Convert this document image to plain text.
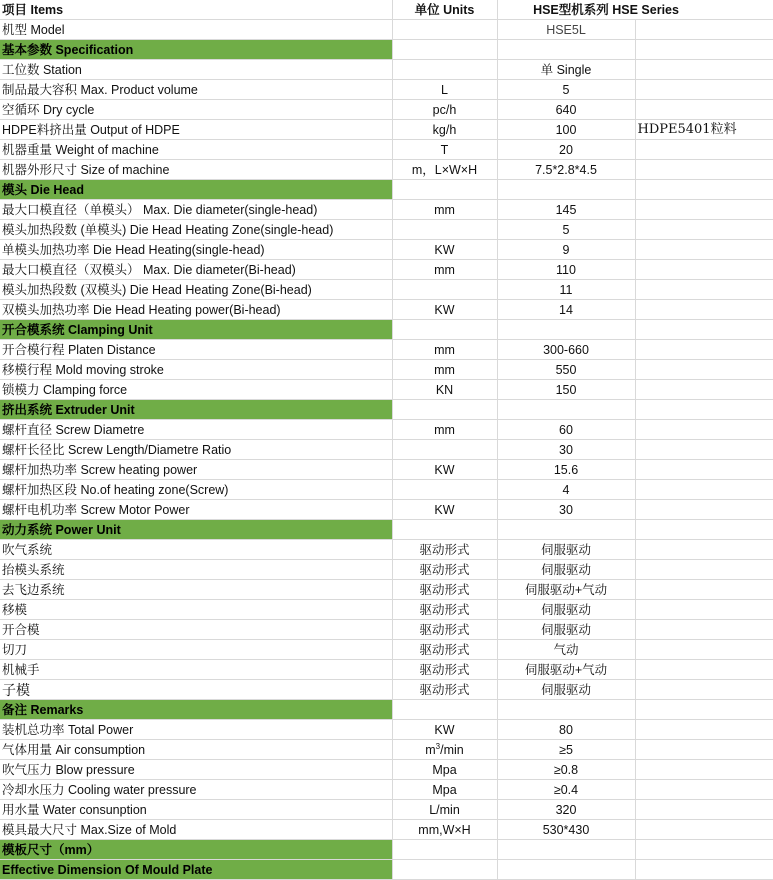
项目 Items	单位 Units	HSE型机系列 HSE Series	
机型 Model		HSE5L	
基本参数 Specification			
工位数 Station		单 Single	
制品最大容积 Max. Product volume	L	5	
空循环 Dry cycle	pc/h	640	
HDPE料挤出量 Output of HDPE	kg/h	100	HDPE5401粒料
机器重量 Weight of machine	T	20	
机器外形尺寸 Size of machine	m，L×W×H	7.5*2.8*4.5	
模头 Die Head			
最大口模直径（单模头） Max. Die diameter(single-head)	mm	145	
模头加热段数 (单模头) Die Head Heating Zone(single-head)		5	
单模头加热功率 Die Head Heating(single-head)	KW	9	
最大口模直径（双模头） Max. Die diameter(Bi-head)	mm	110	
模头加热段数 (双模头) Die Head Heating Zone(Bi-head)		11	
双模头加热功率 Die Head Heating power(Bi-head)	KW	14	
开合模系统 Clamping Unit			
开合模行程 Platen Distance	mm	300-660	
移模行程 Mold moving stroke	mm	550	
锁模力 Clamping force	KN	150	
挤出系统 Extruder Unit			
螺杆直径 Screw Diametre	mm	60	
螺杆长径比 Screw Length/Diametre Ratio		30	
螺杆加热功率 Screw heating power	KW	15.6	
螺杆加热区段 No.of heating zone(Screw)		4	
螺杆电机功率 Screw Motor Power	KW	30	
动力系统 Power Unit			
吹气系统	驱动形式	伺服驱动	
抬模头系统	驱动形式	伺服驱动	
去飞边系统	驱动形式	伺服驱动+气动	
移模	驱动形式	伺服驱动	
开合模	驱动形式	伺服驱动	
切刀	驱动形式	气动	
机械手	驱动形式	伺服驱动+气动	
子模	驱动形式	伺服驱动	
备注 Remarks			
装机总功率 Total Power	KW	80	
气体用量 Air consumption	$m^3/\min$	≥5	
吹气压力 Blow pressure	Mpa	≥0.8	
冷却水压力 Cooling water pressure	Mpa	≥0.4	
用水量 Water consunption	L/min	320	
模具最大尺寸 Max.Size of Mold	mm,W×H	530*430	
模板尺寸（mm）			
Effective Dimension Of Mould Plate			
